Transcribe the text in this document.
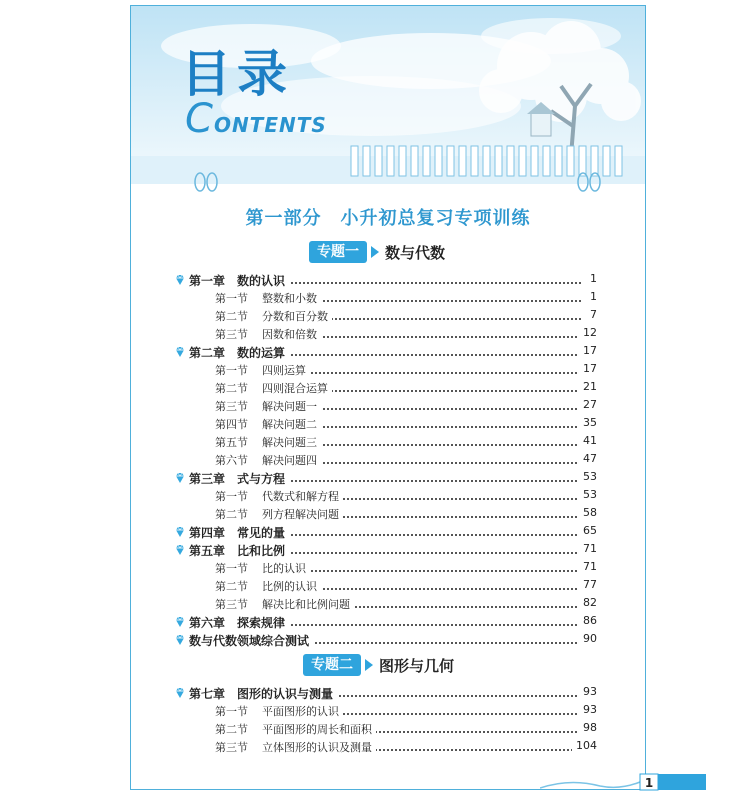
目录
CONTENTS
第一部分　小升初总复习专项训练
专题一	数与代数
专题二	图形与几何
第一章　数的认识	1
第一节 整数和小数	1
第二节 分数和百分数	7
第三节 因数和倍数	12
第二章　数的运算	17
第一节 四则运算	17
第二节 四则混合运算	21
第三节 解决问题一	27
第四节 解决问题二	35
第五节 解决问题三	41
第六节 解决问题四	47
第三章　式与方程	53
第一节 代数式和解方程	53
第二节 列方程解决问题	58
第四章　常见的量	65
第五章　比和比例	71
第一节 比的认识	71
第二节 比例的认识	77
第三节 解决比和比例问题	82
第六章　探索规律	86
数与代数领域综合测试	90
第七章　图形的认识与测量	93
第一节 平面图形的认识	93
第二节 平面图形的周长和面积	98
第三节 立体图形的认识及测量	104
1
